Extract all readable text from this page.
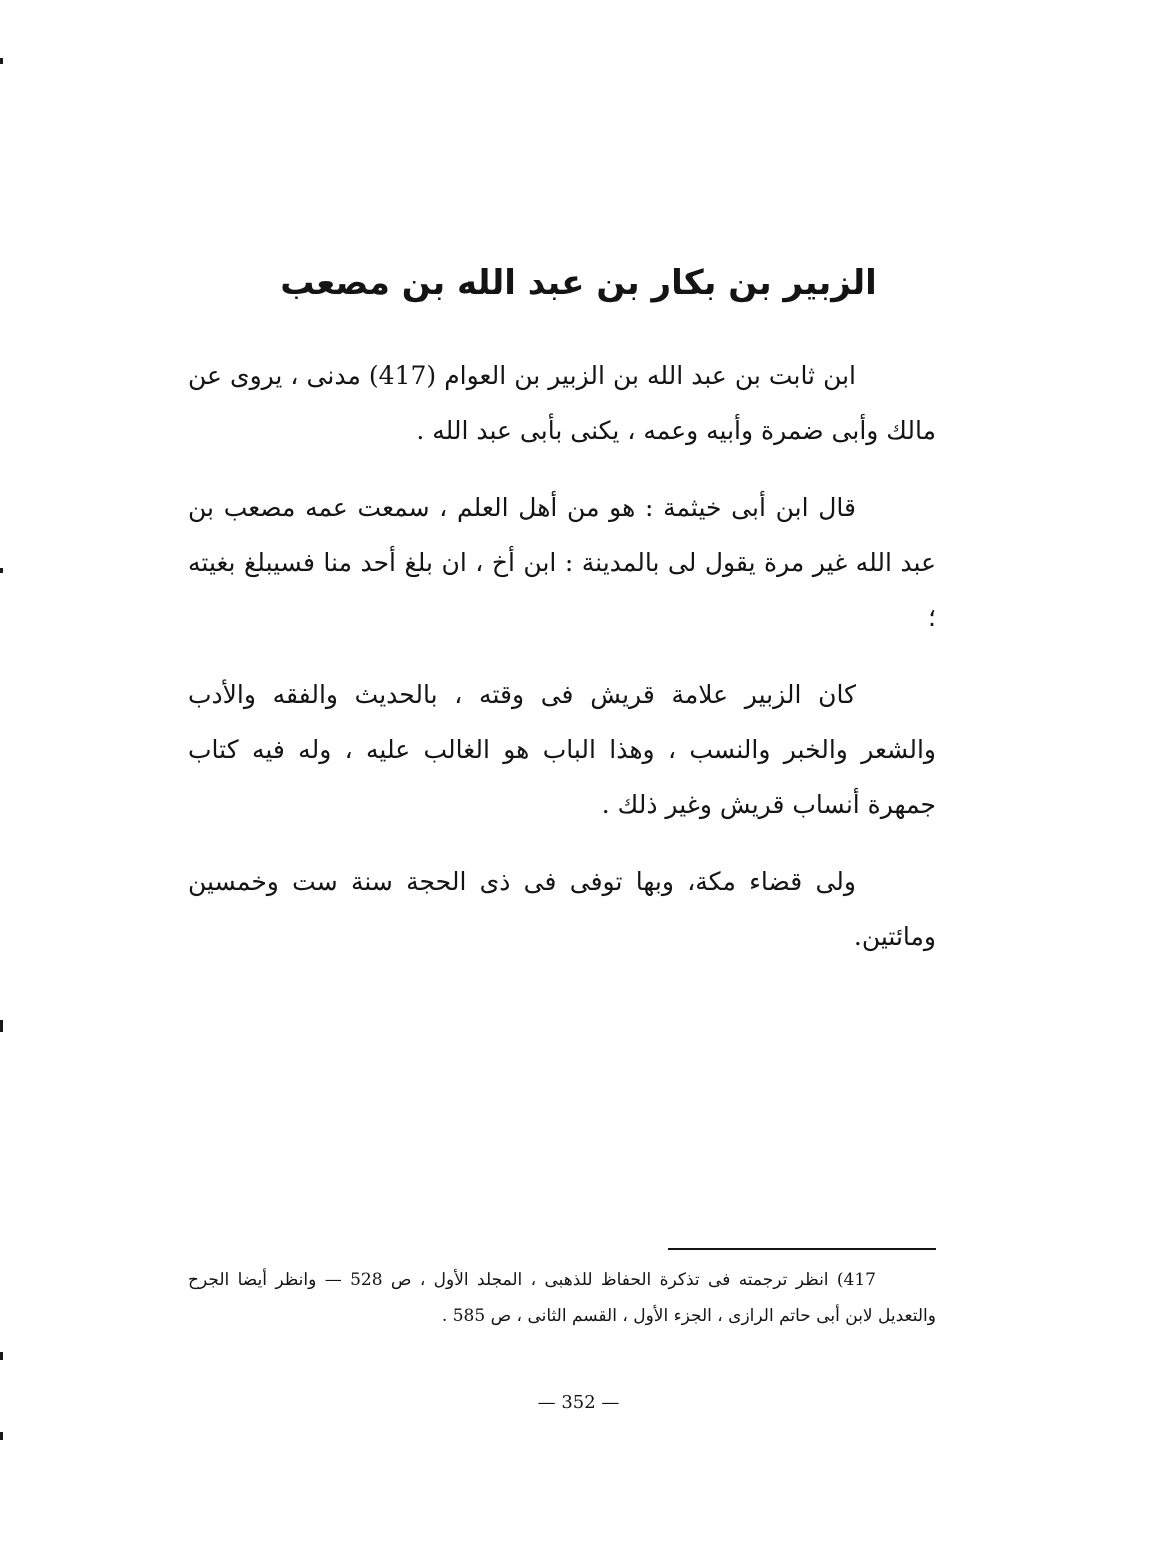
الزبير بن بكار بن عبد الله بن مصعب

ابن ثابت بن عبد الله بن الزبير بن العوام (417) مدنى ، يروى عن مالك وأبى ضمرة وأبيه وعمه ، يكنى بأبى عبد الله .

قال ابن أبى خيثمة : هو من أهل العلم ، سمعت عمه مصعب بن عبد الله غير مرة يقول لى بالمدينة : ابن أخ ، ان بلغ أحد منا فسيبلغ بغيته ؛

كان الزبير علامة قريش فى وقته ، بالحديث والفقه والأدب والشعر والخبر والنسب ، وهذا الباب هو الغالب عليه ، وله فيه كتاب جمهرة أنساب قريش وغير ذلك .

ولى قضاء مكة، وبها توفى فى ذى الحجة سنة ست وخمسين ومائتين.

417) انظر ترجمته فى تذكرة الحفاظ للذهبى ، المجلد الأول ، ص 528 — وانظر أيضا الجرح والتعديل لابن أبى حاتم الرازى ، الجزء الأول ، القسم الثانى ، ص 585 .

— 352 —
